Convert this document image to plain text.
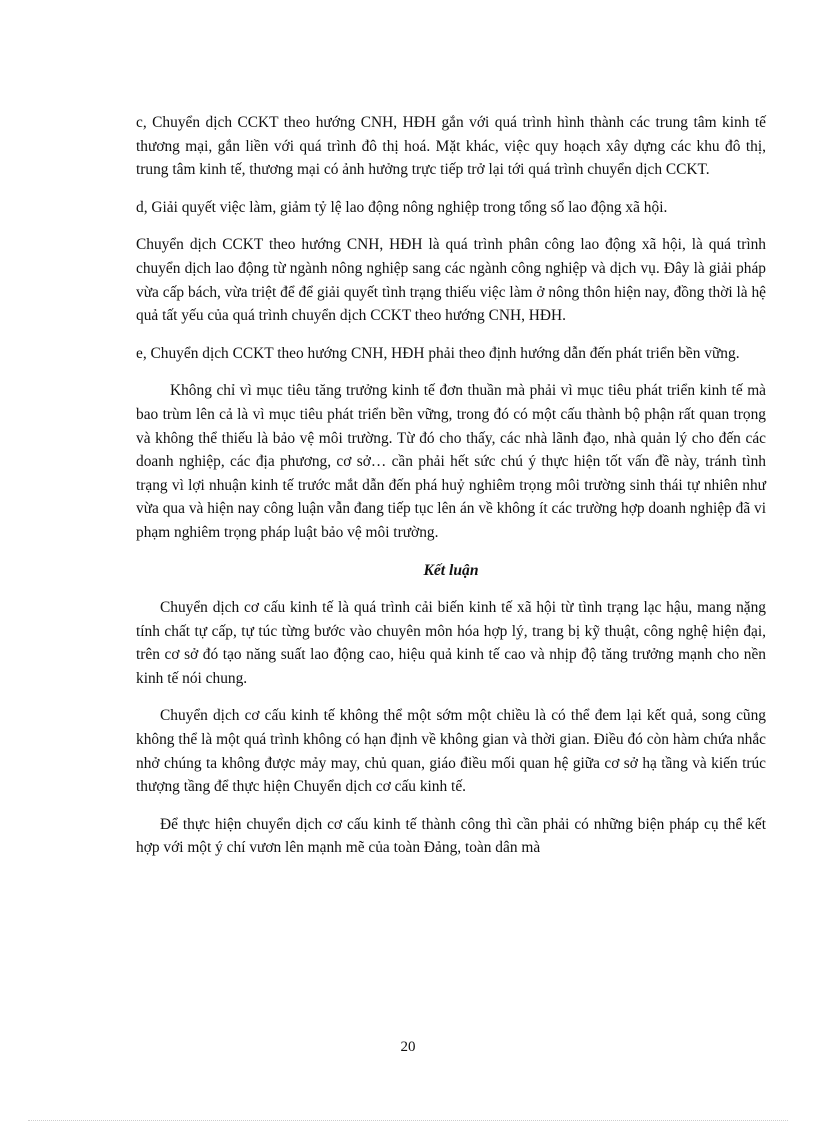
c, Chuyển dịch CCKT theo hướng CNH, HĐH gắn với quá trình hình thành các trung tâm kinh tế thương mại, gắn liền với quá trình đô thị hoá. Mặt khác, việc quy hoạch xây dựng các khu đô thị, trung tâm kinh tế, thương mại có ảnh hưởng trực tiếp trở lại tới quá trình chuyển dịch CCKT.

d, Giải quyết việc làm, giảm tỷ lệ lao động nông nghiệp trong tổng số lao động xã hội.

Chuyển dịch CCKT theo hướng CNH, HĐH là quá trình phân công lao động xã hội, là quá trình chuyển dịch lao động từ ngành nông nghiệp sang các ngành công nghiệp và dịch vụ. Đây là giải pháp vừa cấp bách, vừa triệt để để giải quyết tình trạng thiếu việc làm ở nông thôn hiện nay, đồng thời là hệ quả tất yếu của quá trình chuyển dịch CCKT theo hướng CNH, HĐH.

e, Chuyển dịch CCKT theo hướng CNH, HĐH phải theo định hướng dẫn đến phát triển bền vững.

Không chỉ vì mục tiêu tăng trưởng kinh tế đơn thuần mà phải vì mục tiêu phát triển kinh tế mà bao trùm lên cả là vì mục tiêu phát triển bền vững, trong đó có một cấu thành bộ phận rất quan trọng và không thể thiếu là bảo vệ môi trường. Từ đó cho thấy, các nhà lãnh đạo, nhà quản lý cho đến các doanh nghiệp, các địa phương, cơ sở… cần phải hết sức chú ý thực hiện tốt vấn đề này, tránh tình trạng vì lợi nhuận kinh tế trước mắt dẫn đến phá huỷ nghiêm trọng môi trường sinh thái tự nhiên như vừa qua và hiện nay công luận vẫn đang tiếp tục lên án về không ít các trường hợp doanh nghiệp đã vi phạm nghiêm trọng pháp luật bảo vệ môi trường.

Kết luận

Chuyển dịch cơ cấu kinh tế là quá trình cải biến kinh tế xã hội từ tình trạng lạc hậu, mang nặng tính chất tự cấp, tự túc từng bước vào chuyên môn hóa hợp lý, trang bị kỹ thuật, công nghệ hiện đại, trên cơ sở đó tạo năng suất lao động cao, hiệu quả kinh tế cao và nhịp độ tăng trưởng mạnh cho nền kinh tế nói chung.

Chuyển dịch cơ cấu kinh tế không thể một sớm một chiều là có thể đem lại kết quả, song cũng không thể là một quá trình không có hạn định về không gian và thời gian. Điều đó còn hàm chứa nhắc nhở chúng ta không được mảy may, chủ quan, giáo điều mối quan hệ giữa cơ sở hạ tầng và kiến trúc thượng tầng để thực hiện Chuyển dịch cơ cấu kinh tế.

Để thực hiện chuyển dịch cơ cấu kinh tế thành công thì cần phải có những biện pháp cụ thể kết hợp với một ý chí vươn lên mạnh mẽ của toàn Đảng, toàn dân mà

20
